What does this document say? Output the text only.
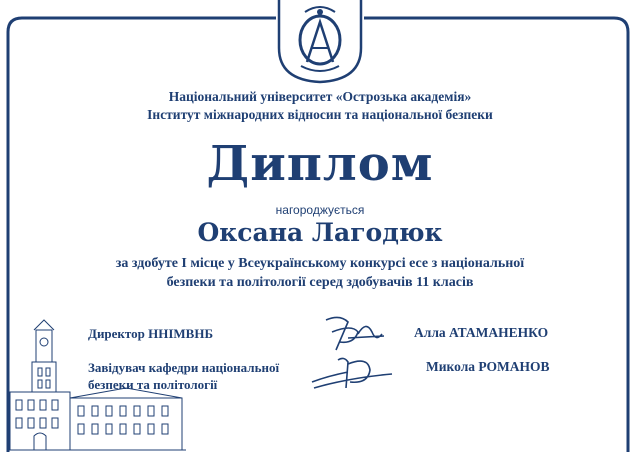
Національний університет «Острозька академія»
Інститут міжнародних відносин та національної безпеки
Диплом
нагороджується
Оксана Лагодюк
за здобуте І місце у Всеукраїнському конкурсі есе з національної
безпеки та політології серед здобувачів 11 класів
Директор ННІМВНБ	Алла АТАМАНЕНКО
Завідувач кафедри національної
безпеки та політології
Микола РОМАНОВ
